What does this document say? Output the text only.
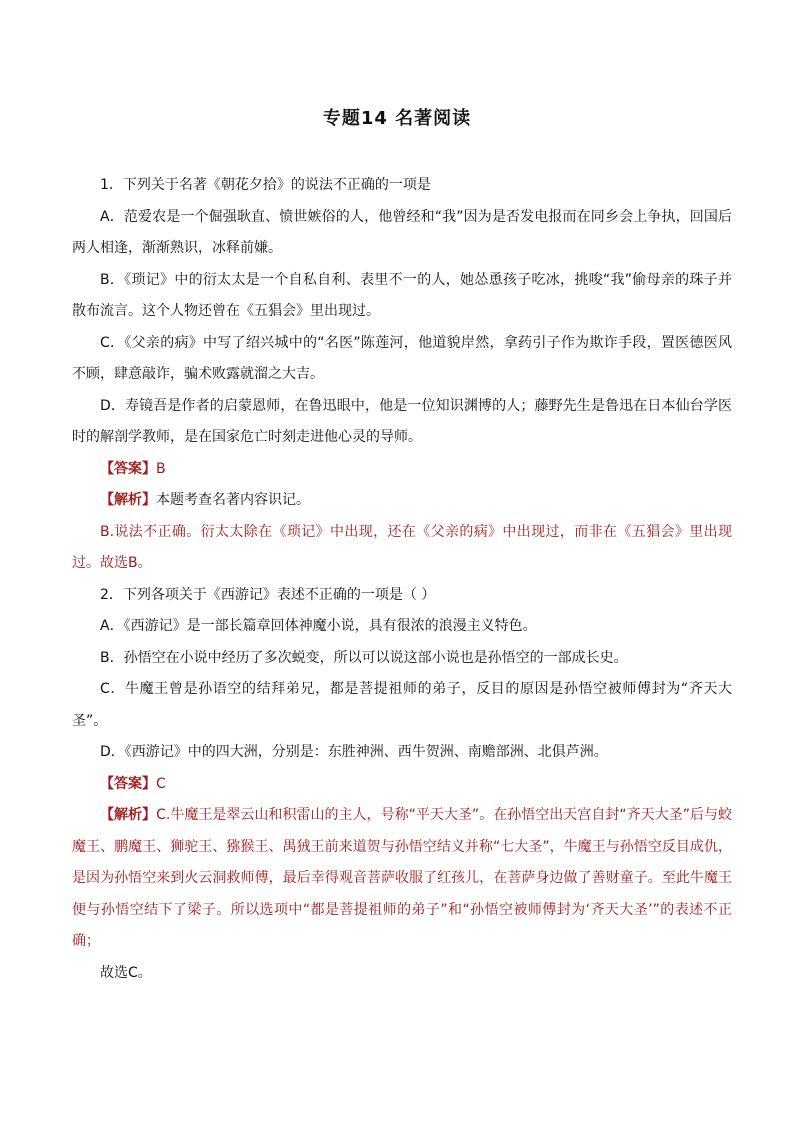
专题14 名著阅读

1．下列关于名著《朝花夕拾》的说法不正确的一项是

A．范爱农是一个倔强耿直、愤世嫉俗的人，他曾经和“我”因为是否发电报而在同乡会上争执，回国后两人相逢，渐渐熟识，冰释前嫌。

B．《琐记》中的衍太太是一个自私自利、表里不一的人，她怂恿孩子吃冰，挑唆“我”偷母亲的珠子并散布流言。这个人物还曾在《五猖会》里出现过。

C．《父亲的病》中写了绍兴城中的“名医”陈莲河，他道貌岸然，拿药引子作为欺诈手段，置医德医风不顾，肆意敲诈，骗术败露就溜之大吉。

D．寿镜吾是作者的启蒙恩师，在鲁迅眼中，他是一位知识渊博的人；藤野先生是鲁迅在日本仙台学医时的解剖学教师，是在国家危亡时刻走进他心灵的导师。

【答案】B

【解析】本题考查名著内容识记。

B.说法不正确。衍太太除在《琐记》中出现，还在《父亲的病》中出现过，而非在《五猖会》里出现过。故选B。

2．下列各项关于《西游记》表述不正确的一项是（ ）

A．《西游记》是一部长篇章回体神魔小说，具有很浓的浪漫主义特色。

B．孙悟空在小说中经历了多次蜕变，所以可以说这部小说也是孙悟空的一部成长史。

C．牛魔王曾是孙语空的结拜弟兄，都是菩提祖师的弟子，反目的原因是孙悟空被师傅封为“齐天大圣”。

D．《西游记》中的四大洲，分别是：东胜神洲、西牛贺洲、南赡部洲、北俱芦洲。

【答案】C

【解析】C.牛魔王是翠云山和积雷山的主人，号称“平天大圣”。在孙悟空出天宫自封“齐天大圣”后与蛟魔王、鹏魔王、狮驼王、猕猴王、禺狨王前来道贺与孙悟空结义并称“七大圣”，牛魔王与孙悟空反目成仇，是因为孙悟空来到火云洞救师傅，最后幸得观音菩萨收服了红孩儿，在菩萨身边做了善财童子。至此牛魔王便与孙悟空结下了梁子。所以选项中“都是菩提祖师的弟子”和“孙悟空被师傅封为‘齐天大圣’”的表述不正确；

故选C。
